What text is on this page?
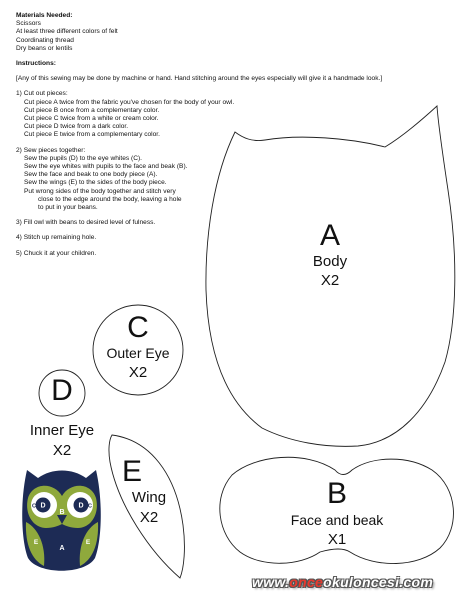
Materials Needed:

Scissors

At least three different colors of felt

Coordinating thread

Dry beans or lentils

Instructions:

[Any of this sewing may be done by machine or hand. Hand stitching around the eyes especially will give it a handmade look.]

1) Cut out pieces:

Cut piece A twice from the fabric you've chosen for the body of your owl.

Cut piece B once from a complementary color.

Cut piece C twice from a white or cream color.

Cut piece D twice from a dark color.

Cut piece E twice from a complementary color.

2) Sew pieces together:

Sew the pupils (D) to the eye whites (C).

Sew the eye whites with pupils to the face and beak (B).

Sew the face and beak to one body piece (A).

Sew the wings (E) to the sides of the body piece.

Put wrong sides of the body together and stitch very

close to the edge around the body, leaving a hole

to put in your beans.

3) Fill owl with beans to desired level of fulness.

4) Stitch up remaining hole.

5) Chuck it at your children.

D
C
B
C
D
E
A
E
A
Body
X2
B
Face and beak
X1
C
Outer Eye
X2
D
Inner Eye
X2
E
Wing
X2
www.onceokuloncesi.com
